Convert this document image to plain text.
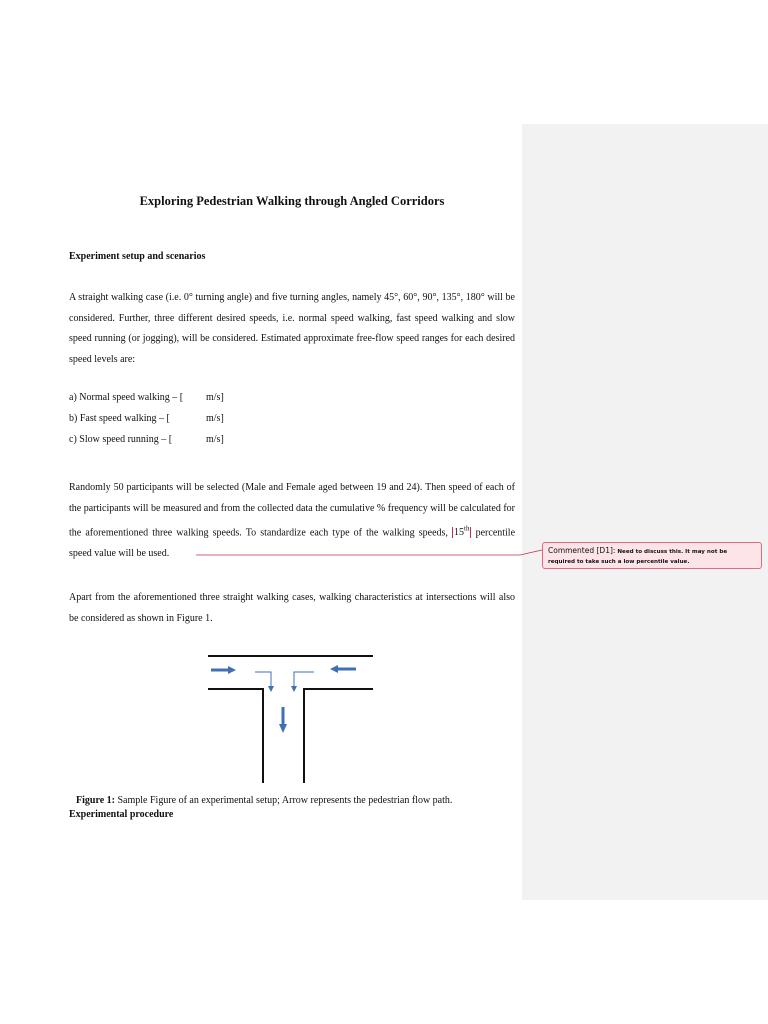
Exploring Pedestrian Walking through Angled Corridors
Experiment setup and scenarios

A straight walking case (i.e. 0° turning angle) and five turning angles, namely 45°, 60°, 90°, 135°, 180° will be considered. Further, three different desired speeds, i.e. normal speed walking, fast speed walking and slow speed running (or jogging), will be considered. Estimated approximate free-flow speed ranges for each desired speed levels are:

a) Normal speed walking – [ m/s]
b) Fast speed walking – [	m/s]
c) Slow speed running – [	m/s]

Randomly 50 participants will be selected (Male and Female aged between 19 and 24). Then speed of each of the participants will be measured and from the collected data the cumulative % frequency will be calculated for the aforementioned three walking speeds. To standardize each type of the walking speeds, 15th percentile speed value will be used.

Apart from the aforementioned three straight walking cases, walking characteristics at intersections will also be considered as shown in Figure 1.

Commented [D1]: Need to discuss this. It may not be required to take such a low percentile value.
Figure 1: Sample Figure of an experimental setup; Arrow represents the pedestrian flow path.
Experimental procedure
